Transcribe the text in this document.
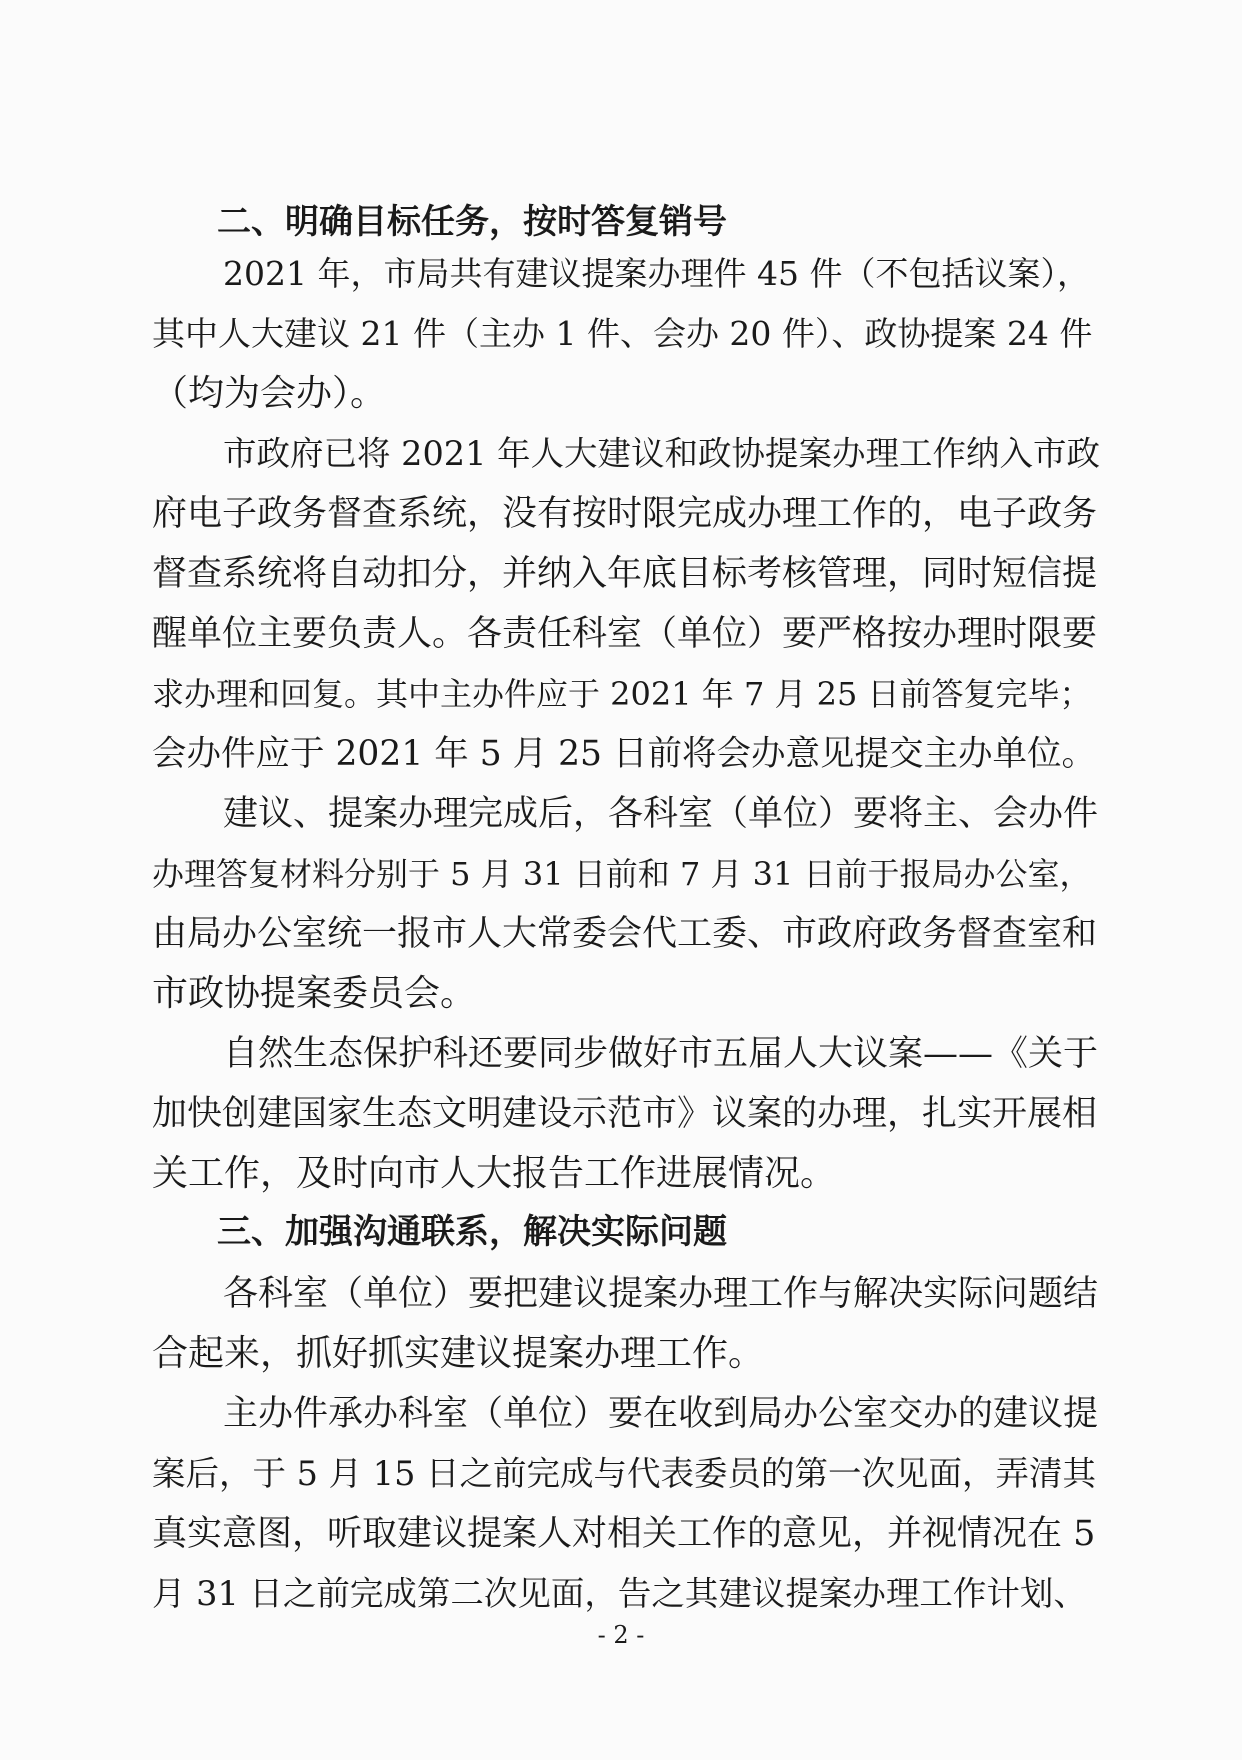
二、明确目标任务，按时答复销号
2021 年，市局共有建议提案办理件 45 件（不包括议案），
其中人大建议 21 件（主办 1 件、会办 20 件）、政协提案 24 件
（均为会办）。
市政府已将 2021 年人大建议和政协提案办理工作纳入市政
府电子政务督查系统，没有按时限完成办理工作的，电子政务
督查系统将自动扣分，并纳入年底目标考核管理，同时短信提
醒单位主要负责人。各责任科室（单位）要严格按办理时限要
求办理和回复。其中主办件应于 2021 年 7 月 25 日前答复完毕；
会办件应于 2021 年 5 月 25 日前将会办意见提交主办单位。
建议、提案办理完成后，各科室（单位）要将主、会办件
办理答复材料分别于 5 月 31 日前和 7 月 31 日前于报局办公室，
由局办公室统一报市人大常委会代工委、市政府政务督查室和
市政协提案委员会。
自然生态保护科还要同步做好市五届人大议案——《关于
加快创建国家生态文明建设示范市》议案的办理，扎实开展相
关工作，及时向市人大报告工作进展情况。
三、加强沟通联系，解决实际问题
各科室（单位）要把建议提案办理工作与解决实际问题结
合起来，抓好抓实建议提案办理工作。
主办件承办科室（单位）要在收到局办公室交办的建议提
案后，于 5 月 15 日之前完成与代表委员的第一次见面，弄清其
真实意图，听取建议提案人对相关工作的意见，并视情况在 5
月 31 日之前完成第二次见面，告之其建议提案办理工作计划、
- 2 -
